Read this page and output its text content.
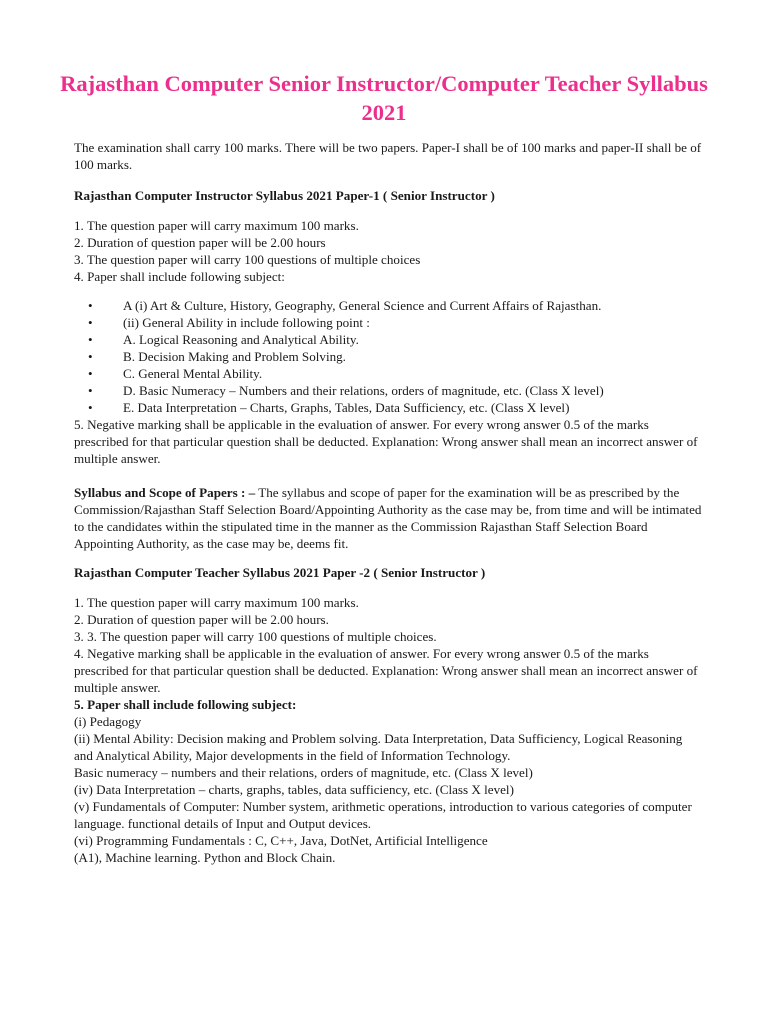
Rajasthan Computer Senior Instructor/Computer Teacher Syllabus 2021

The examination shall carry 100 marks. There will be two papers. Paper-I shall be of 100 marks and paper-II shall be of 100 marks.

Rajasthan Computer Instructor Syllabus 2021 Paper-1 ( Senior Instructor )

1. The question paper will carry maximum 100 marks.

2. Duration of question paper will be 2.00 hours

3. The question paper will carry 100 questions of multiple choices

4. Paper shall include following subject:

• A (i) Art & Culture, History, Geography, General Science and Current Affairs of Rajasthan.
• (ii) General Ability in include following point :
• A. Logical Reasoning and Analytical Ability.
• B. Decision Making and Problem Solving.
• C. General Mental Ability.
• D. Basic Numeracy – Numbers and their relations, orders of magnitude, etc. (Class X level)
• E. Data Interpretation – Charts, Graphs, Tables, Data Sufficiency, etc. (Class X level)

5. Negative marking shall be applicable in the evaluation of answer. For every wrong answer 0.5 of the marks prescribed for that particular question shall be deducted. Explanation: Wrong answer shall mean an incorrect answer of multiple answer.

Syllabus and Scope of Papers : – The syllabus and scope of paper for the examination will be as prescribed by the Commission/Rajasthan Staff Selection Board/Appointing Authority as the case may be, from time and will be intimated to the candidates within the stipulated time in the manner as the Commission Rajasthan Staff Selection Board Appointing Authority, as the case may be, deems fit.

Rajasthan Computer Teacher Syllabus 2021 Paper -2 ( Senior Instructor )

1. The question paper will carry maximum 100 marks.

2. Duration of question paper will be 2.00 hours.

3. 3. The question paper will carry 100 questions of multiple choices.

4. Negative marking shall be applicable in the evaluation of answer. For every wrong answer 0.5 of the marks prescribed for that particular question shall be deducted. Explanation: Wrong answer shall mean an incorrect answer of multiple answer.

5. Paper shall include following subject:

(i) Pedagogy

(ii) Mental Ability: Decision making and Problem solving. Data Interpretation, Data Sufficiency, Logical Reasoning and Analytical Ability, Major developments in the field of Information Technology.

Basic numeracy – numbers and their relations, orders of magnitude, etc. (Class X level)

(iv) Data Interpretation – charts, graphs, tables, data sufficiency, etc. (Class X level)

(v) Fundamentals of Computer: Number system, arithmetic operations, introduction to various categories of computer language. functional details of Input and Output devices.

(vi) Programming Fundamentals : C, C++, Java, DotNet, Artificial Intelligence

(A1), Machine learning. Python and Block Chain.
